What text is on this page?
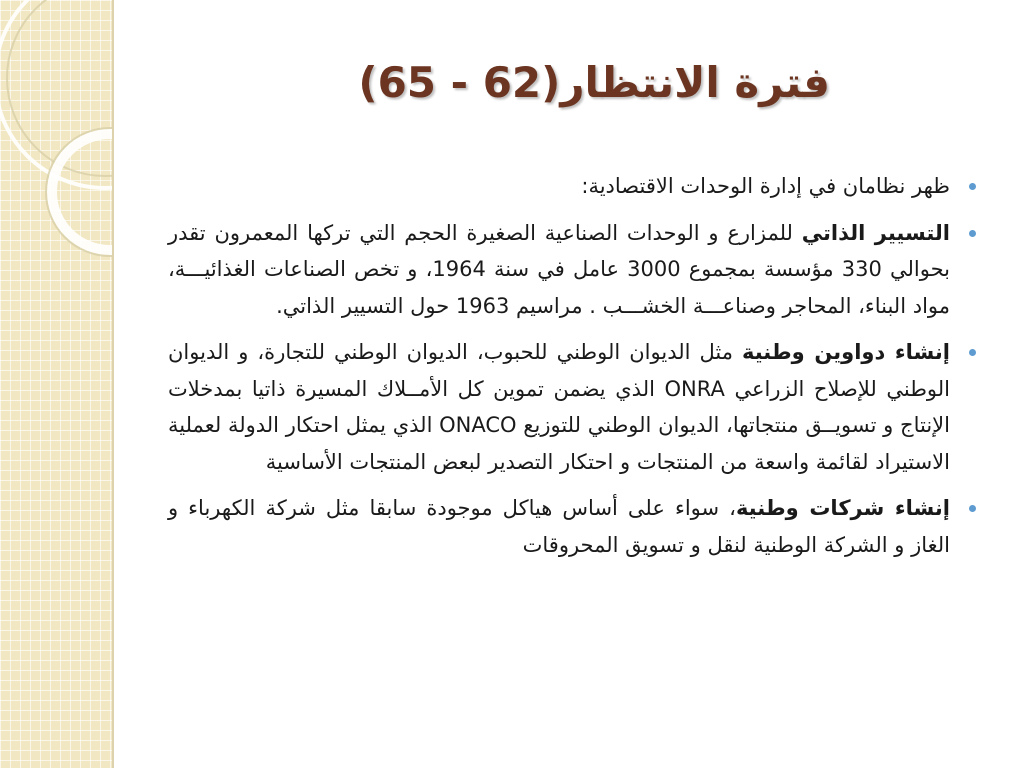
فترة الانتظار(62 - 65)
ظهر نظامان في إدارة الوحدات الاقتصادية:
التسيير الذاتي للمزارع و الوحدات الصناعية الصغيرة الحجم التي تركها المعمرون تقدر بحوالي 330 مؤسسة بمجموع 3000 عامل في سنة 1964، و تخص الصناعات الغذائيـــة، مواد البناء، المحاجر وصناعـــة الخشـــب . مراسيم 1963 حول التسيير الذاتي.
إنشاء دواوين وطنية مثل الديوان الوطني للحبوب، الديوان الوطني للتجارة، و الديوان الوطني للإصلاح الزراعي ONRA الذي يضمن تموين كل الأمــلاك المسيرة ذاتيا بمدخلات الإنتاج و تسويــق منتجاتها، الديوان الوطني للتوزيع ONACO الذي يمثل احتكار الدولة لعملية الاستيراد لقائمة واسعة من المنتجات و احتكار التصدير لبعض المنتجات الأساسية
إنشاء شركات وطنية، سواء على أساس هياكل موجودة سابقا مثل شركة الكهرباء و الغاز و الشركة الوطنية لنقل و تسويق المحروقات
